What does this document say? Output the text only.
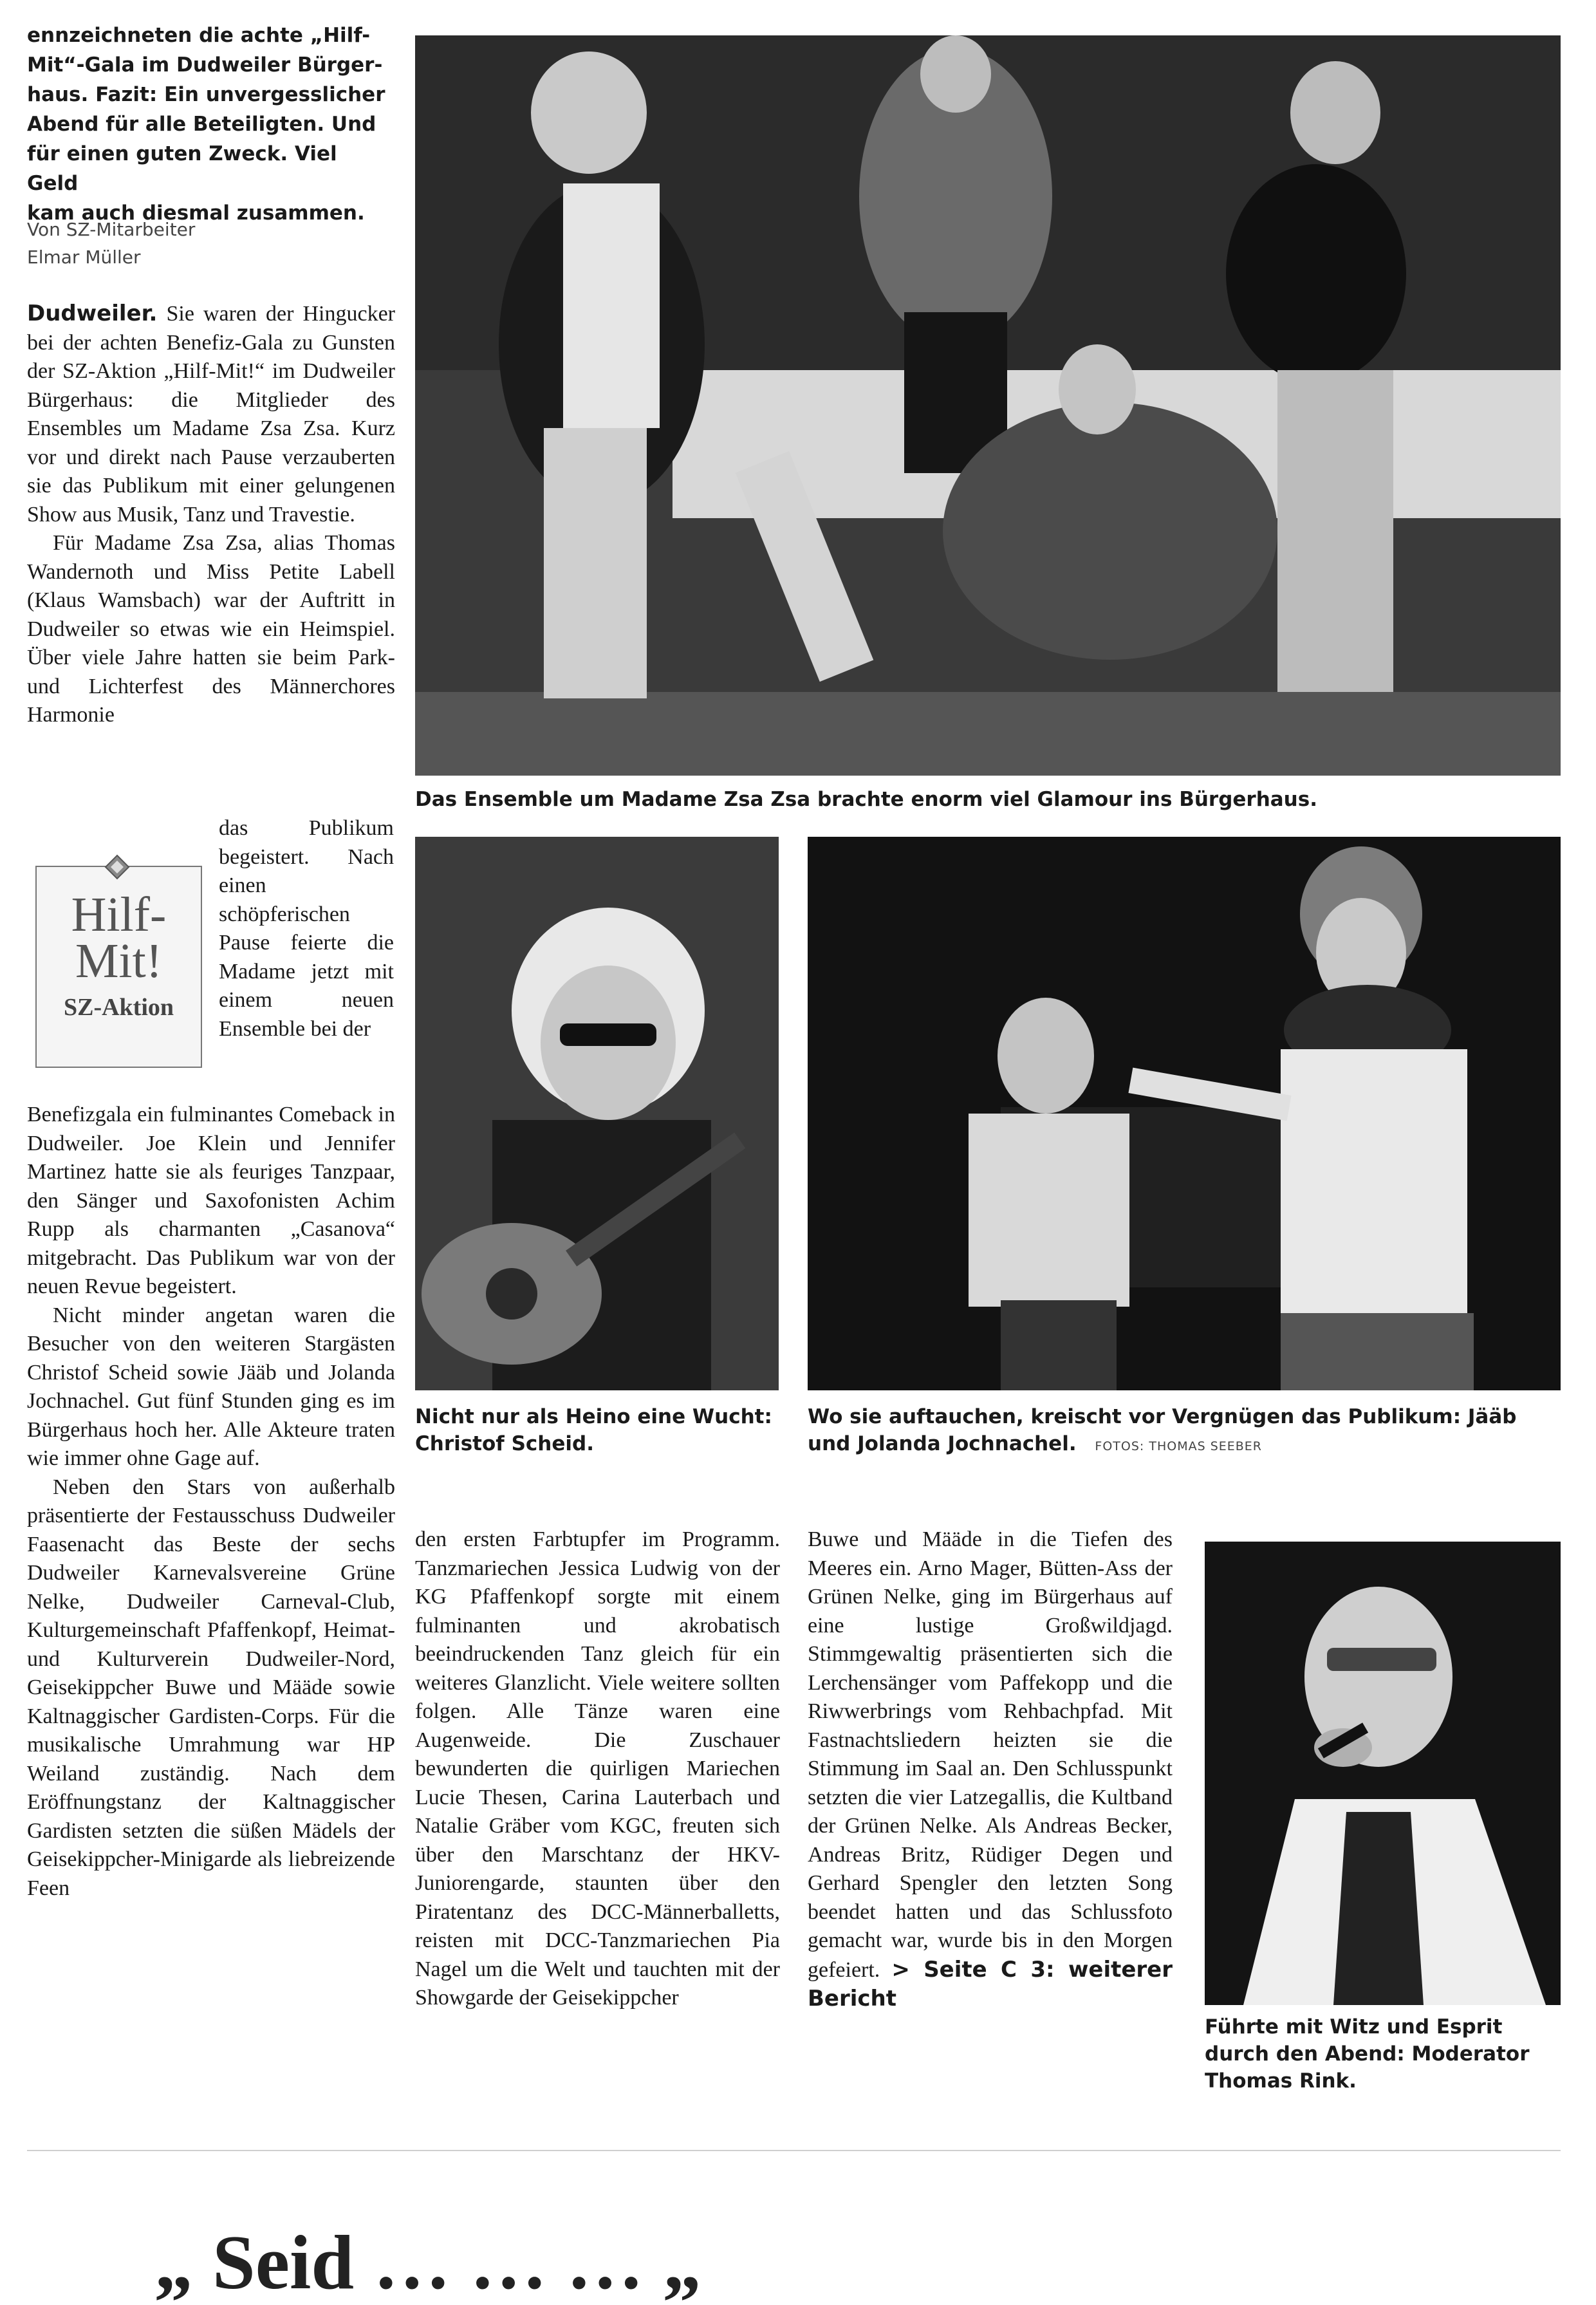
ennzeichneten die achte „Hilf-
Mit“-Gala im Dudweiler Bürger-
haus. Fazit: Ein unvergesslicher
Abend für alle Beteiligten. Und
für einen guten Zweck. Viel Geld
kam auch diesmal zusammen.
Von SZ-Mitarbeiter
Elmar Müller

Dudweiler. Sie waren der Hingucker bei der achten Benefiz-Gala zu Gunsten der SZ-Aktion „Hilf-Mit!“ im Dudweiler Bürgerhaus: die Mitglieder des Ensembles um Madame Zsa Zsa. Kurz vor und direkt nach Pause verzauberten sie das Publikum mit einer gelungenen Show aus Musik, Tanz und Travestie.

Für Madame Zsa Zsa, alias Thomas Wandernoth und Miss Petite Labell (Klaus Wamsbach) war der Auftritt in Dudweiler so etwas wie ein Heimspiel. Über viele Jahre hatten sie beim Park- und Lichterfest des Männerchores Harmonie

Hilf-
Mit!
SZ-Aktion
das Publikum begeistert. Nach einen schöpferischen Pause feierte die Madame jetzt mit einem neuen Ensemble bei der

Benefizgala ein fulminantes Comeback in Dudweiler. Joe Klein und Jennifer Martinez hatte sie als feuriges Tanzpaar, den Sänger und Saxofonisten Achim Rupp als charmanten „Casanova“ mitgebracht. Das Publikum war von der neuen Revue begeistert.

Nicht minder angetan waren die Besucher von den weiteren Stargästen Christof Scheid sowie Jääb und Jolanda Jochnachel. Gut fünf Stunden ging es im Bürgerhaus hoch her. Alle Akteure traten wie immer ohne Gage auf.

Neben den Stars von außerhalb präsentierte der Festausschuss Dudweiler Faasenacht das Beste der sechs Dudweiler Karnevalsvereine Grüne Nelke, Dudweiler Carneval-Club, Kulturgemeinschaft Pfaffenkopf, Heimat- und Kulturverein Dudweiler-Nord, Geisekippcher Buwe und Määde sowie Kaltnaggischer Gardisten-Corps. Für die musikalische Umrahmung war HP Weiland zuständig. Nach dem Eröffnungstanz der Kaltnaggischer Gardisten setzten die süßen Mädels der Geisekippcher-Minigarde als liebreizende Feen

Das Ensemble um Madame Zsa Zsa brachte enorm viel Glamour ins Bürgerhaus.
Nicht nur als Heino eine Wucht: Christof Scheid.
Wo sie auftauchen, kreischt vor Vergnügen das Publikum: Jääb und Jolanda Jochnachel. FOTOS: THOMAS SEEBER
den ersten Farbtupfer im Programm. Tanzmariechen Jessica Ludwig von der KG Pfaffenkopf sorgte mit einem fulminanten und akrobatisch beeindruckenden Tanz gleich für ein weiteres Glanzlicht. Viele weitere sollten folgen. Alle Tänze waren eine Augenweide. Die Zuschauer bewunderten die quirligen Mariechen Lucie Thesen, Carina Lauterbach und Natalie Gräber vom KGC, freuten sich über den Marschtanz der HKV-Juniorengarde, staunten über den Piratentanz des DCC-Männerballetts, reisten mit DCC-Tanzmariechen Pia Nagel um die Welt und tauchten mit der Showgarde der Geisekippcher
Buwe und Määde in die Tiefen des Meeres ein. Arno Mager, Bütten-Ass der Grünen Nelke, ging im Bürgerhaus auf eine lustige Großwildjagd. Stimmgewaltig präsentierten sich die Lerchensänger vom Paffekopp und die Riwwerbrings vom Rehbachpfad. Mit Fastnachtsliedern heizten sie die Stimmung im Saal an. Den Schlusspunkt setzten die vier Latzegallis, die Kultband der Grünen Nelke. Als Andreas Becker, Andreas Britz, Rüdiger Degen und Gerhard Spengler den letzten Song beendet hatten und das Schlussfoto gemacht war, wurde bis in den Morgen gefeiert. > Seite C 3: weiterer Bericht
Führte mit Witz und Esprit durch den Abend: Moderator Thomas Rink.
„ Seid … … … „
